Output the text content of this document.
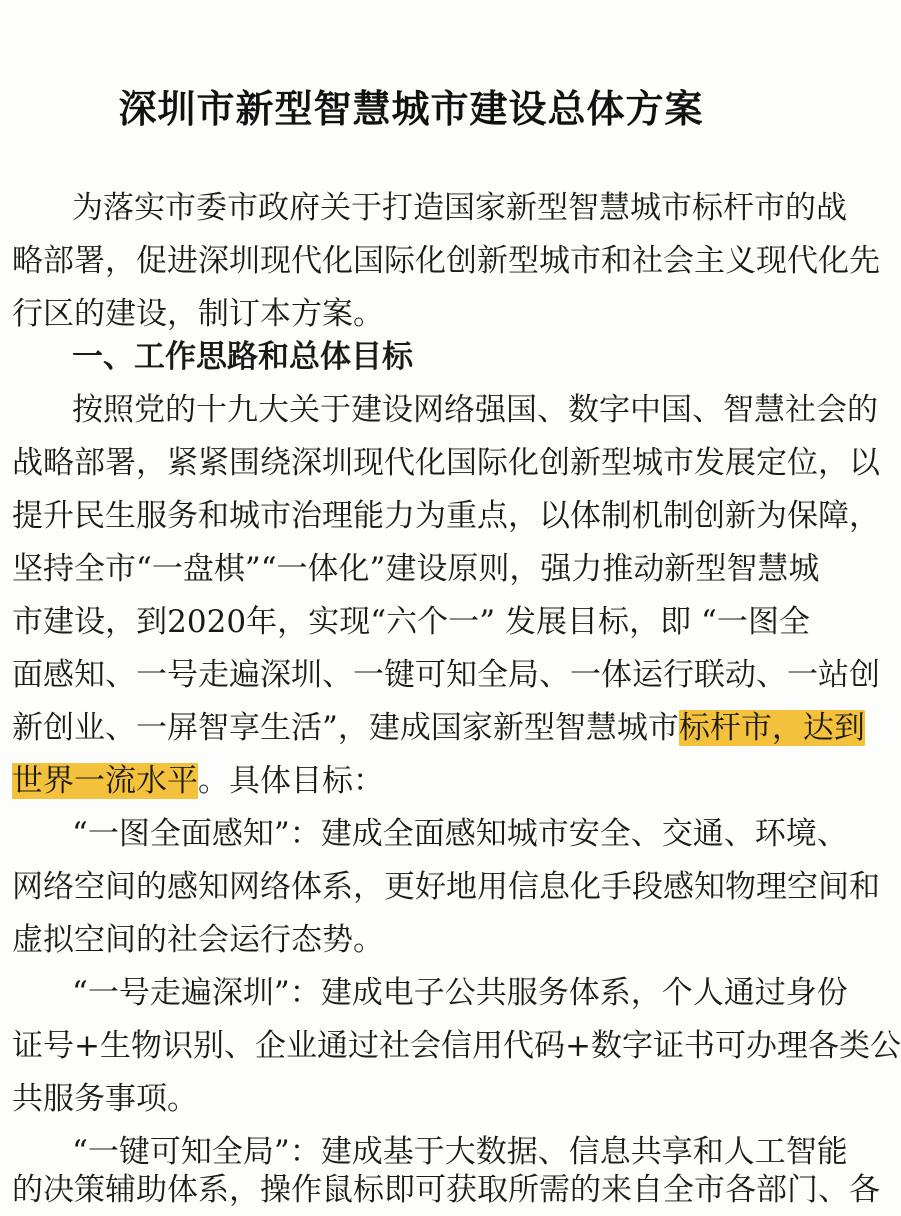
深圳市新型智慧城市建设总体方案
为落实市委市政府关于打造国家新型智慧城市标杆市的战
略部署，促进深圳现代化国际化创新型城市和社会主义现代化先
行区的建设，制订本方案。
一、工作思路和总体目标
按照党的十九大关于建设网络强国、数字中国、智慧社会的
战略部署，紧紧围绕深圳现代化国际化创新型城市发展定位，以
提升民生服务和城市治理能力为重点，以体制机制创新为保障，
坚持全市“一盘棋”“一体化”建设原则，强力推动新型智慧城
市建设，到2020年，实现“六个一” 发展目标，即 “一图全
面感知、一号走遍深圳、一键可知全局、一体运行联动、一站创
新创业、一屏智享生活”，建成国家新型智慧城市标杆市，达到
世界一流水平。具体目标：
“一图全面感知”：建成全面感知城市安全、交通、环境、
网络空间的感知网络体系，更好地用信息化手段感知物理空间和
虚拟空间的社会运行态势。
“一号走遍深圳”：建成电子公共服务体系，个人通过身份
证号+生物识别、企业通过社会信用代码+数字证书可办理各类公
共服务事项。
“一键可知全局”：建成基于大数据、信息共享和人工智能
的决策辅助体系，操作鼠标即可获取所需的来自全市各部门、各
